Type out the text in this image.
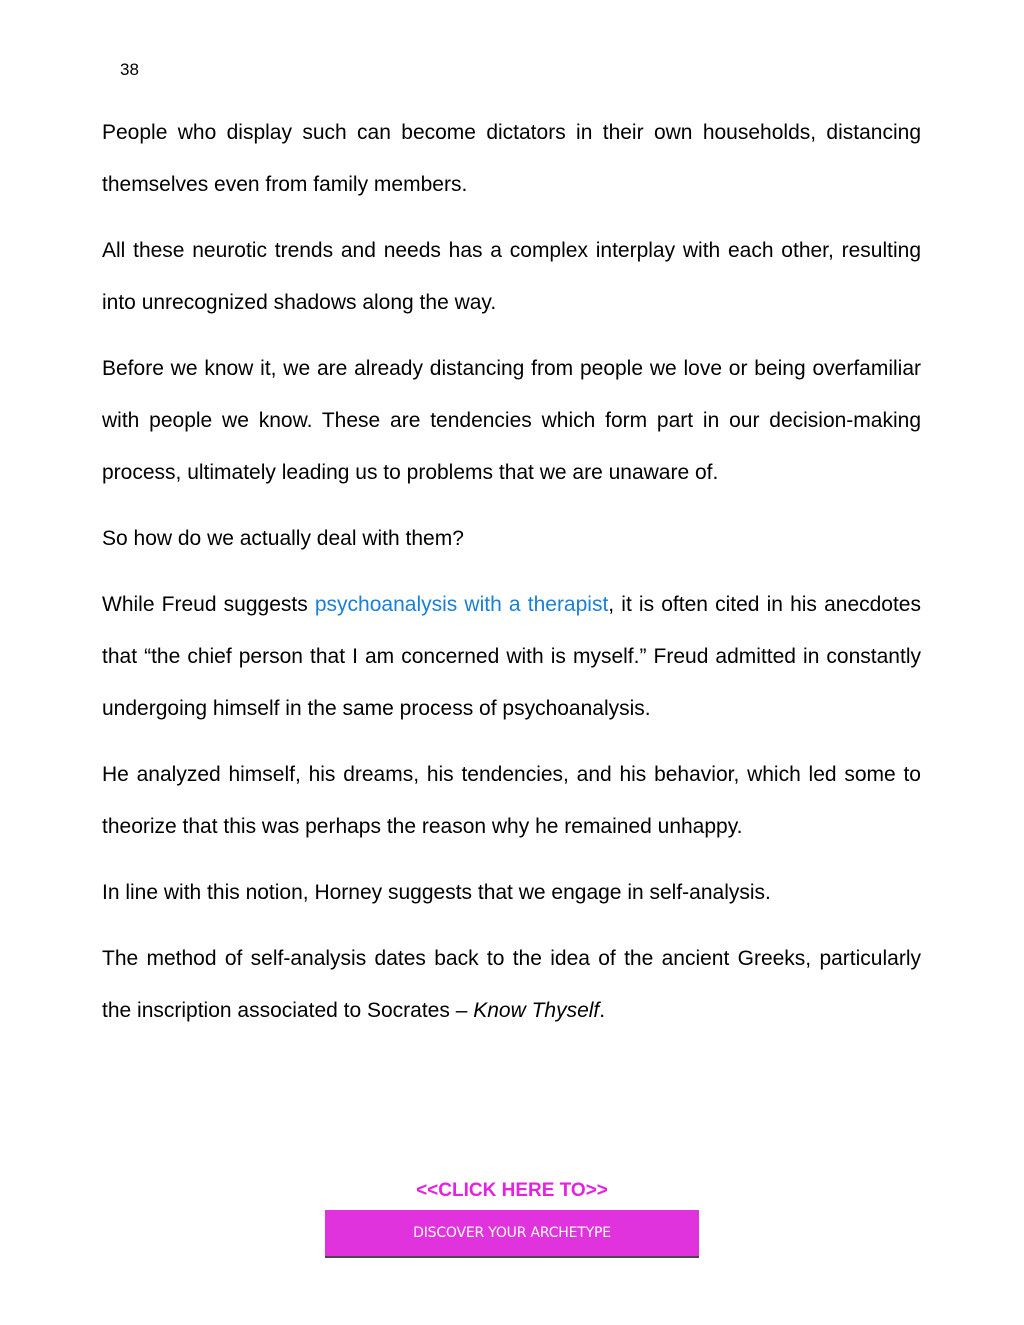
38

People who display such can become dictators in their own households, distancing themselves even from family members.

All these neurotic trends and needs has a complex interplay with each other, resulting into unrecognized shadows along the way.

Before we know it, we are already distancing from people we love or being overfamiliar with people we know. These are tendencies which form part in our decision-making process, ultimately leading us to problems that we are unaware of.

So how do we actually deal with them?

While Freud suggests psychoanalysis with a therapist, it is often cited in his anecdotes that “the chief person that I am concerned with is myself.” Freud admitted in constantly undergoing himself in the same process of psychoanalysis.

He analyzed himself, his dreams, his tendencies, and his behavior, which led some to theorize that this was perhaps the reason why he remained unhappy.

In line with this notion, Horney suggests that we engage in self-analysis.

The method of self-analysis dates back to the idea of the ancient Greeks, particularly the inscription associated to Socrates – Know Thyself.

<<CLICK HERE TO>>
DISCOVER YOUR ARCHETYPE
